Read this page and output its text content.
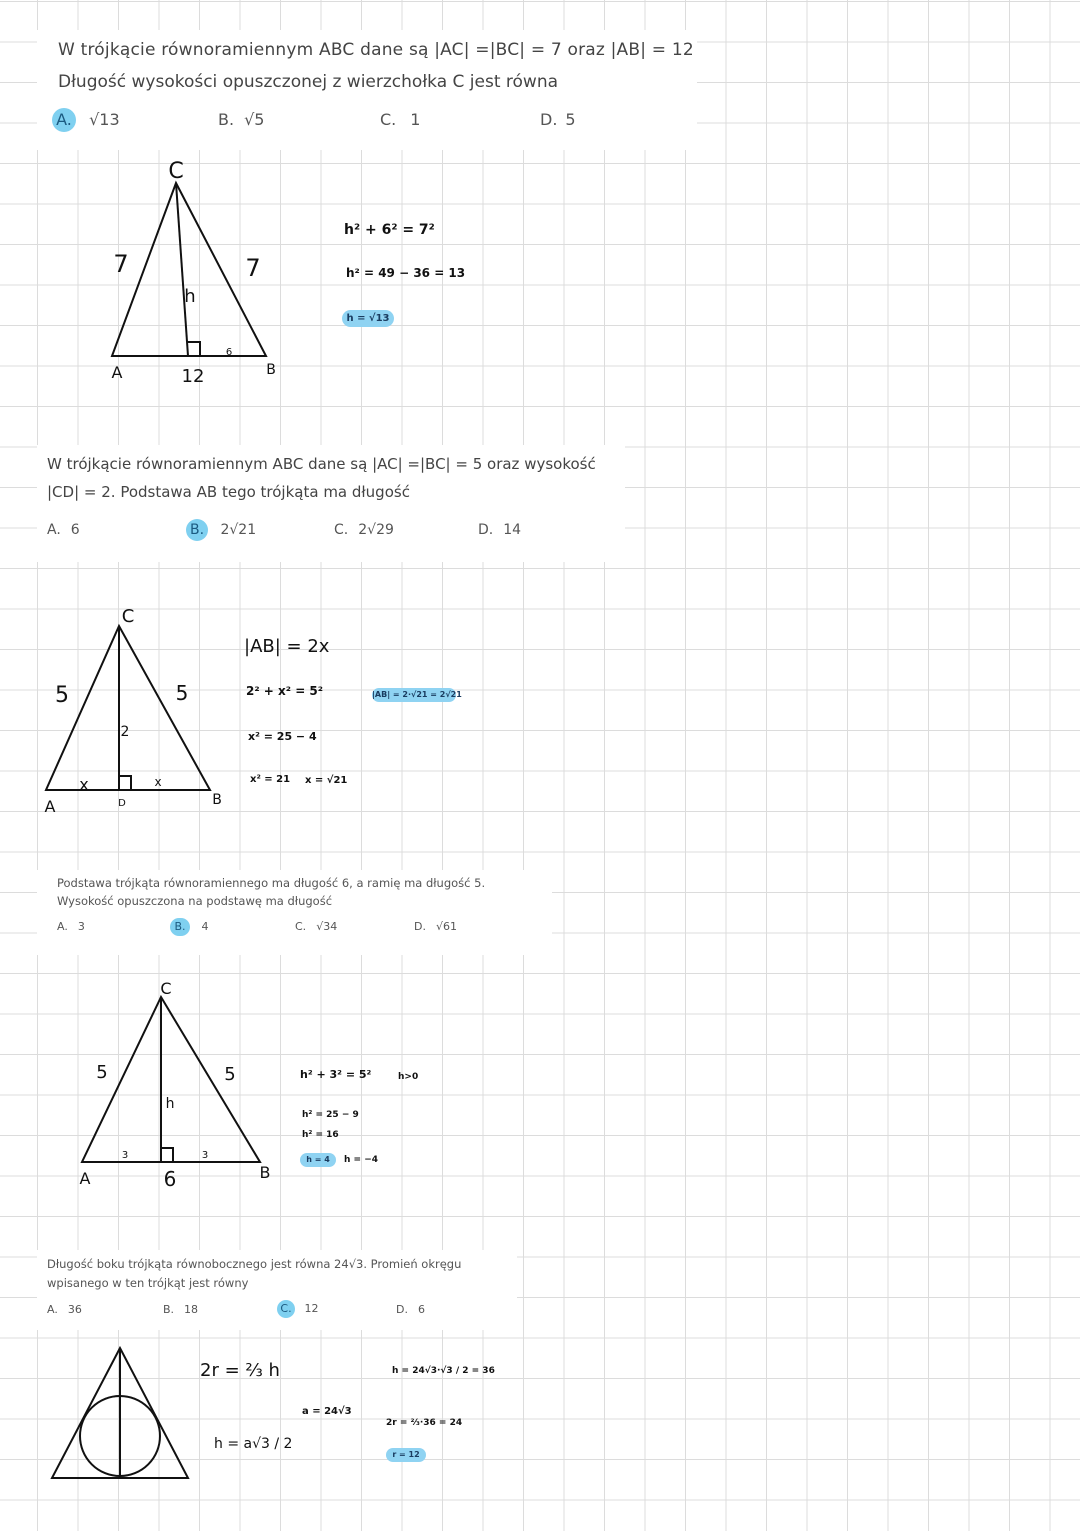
W trójkącie równoramiennym ABC dane są |AC| =|BC| = 7 oraz |AB| = 12
Długość wysokości opuszczonej z wierzchołka C jest równa
A. √13	B. √5	C. 1	D. 5
C
A	B
7	7
h
12
6
h² + 6² = 7²
h² = 49 − 36 = 13
h = √13
W trójkącie równoramiennym ABC dane są |AC| =|BC| = 5 oraz wysokość
|CD| = 2. Podstawa AB tego trójkąta ma długość
A. 6	B. 2√21	C. 2√29	D. 14
C
A	B
D
5	5
2
x	x
|AB| = 2x
2² + x² = 5²
x² = 25 − 4
x² = 21 x = √21
|AB| = 2·√21 = 2√21
Podstawa trójkąta równoramiennego ma długość 6, a ramię ma długość 5.
Wysokość opuszczona na podstawę ma długość
A. 3	B. 4	C. √34	D. √61
C
A	B
5	5
h
6
3	3
h² + 3² = 5²	h>0
h² = 25 − 9
h² = 16
h = 4	h = −4
Długość boku trójkąta równobocznego jest równa 24√3. Promień okręgu
wpisanego w ten trójkąt jest równy
A. 36	B. 18	C. 12	D. 6
2r = ⅔ h
h = a√3 / 2
a = 24√3
h = 24√3·√3 / 2 = 36
2r = ⅔·36 = 24
r = 12
